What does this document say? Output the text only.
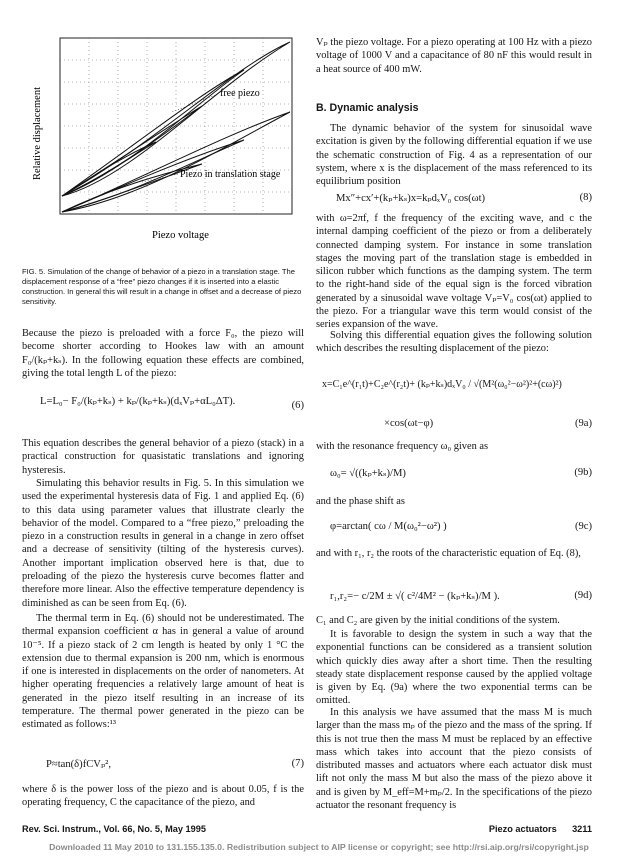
free piezo
Piezo in translation stage
Relative displacement
Piezo voltage
FIG. 5. Simulation of the change of behavior of a piezo in a translation stage. The displacement response of a “free” piezo changes if it is inserted into a elastic construction. In general this will result in a change in offset and a decrease of piezo sensitivity.

Because the piezo is preloaded with a force F₀, the piezo will become shorter according to Hookes law with an amount F₀/(kₚ+kₛ). In the following equation these effects are combined, giving the total length L of the piezo:

L=L₀− F₀/(kₚ+kₛ) + kₚ/(kₚ+kₛ)(dₓVₚ+αL₀ΔT).	(6)

This equation describes the general behavior of a piezo (stack) in a practical construction for quasistatic translations and ignoring hysteresis.

Simulating this behavior results in Fig. 5. In this simulation we used the experimental hysteresis data of Fig. 1 and applied Eq. (6) to this data using parameter values that illustrate clearly the behavior of the model. Compared to a “free piezo,” preloading the piezo in a construction results in general in a change in zero offset and a decrease of sensitivity (tilting of the hysteresis curves). Another important implication observed here is that, due to preloading of the piezo the hysteresis curve becomes flatter and therefore more linear. Also the effective temperature dependency is diminished as can be seen from Eq. (6).

The thermal term in Eq. (6) should not be underestimated. The thermal expansion coefficient α has in general a value of around 10⁻⁵. If a piezo stack of 2 cm length is heated by only 1 °C the extension due to thermal expansion is 200 nm, which is enormous if one is interested in displacements on the order of nanometers. At higher operating frequencies a relatively large amount of heat is generated in the piezo itself resulting in an increase of its temperature. The thermal power generated in the piezo can be estimated as follows:¹³

P≈tan(δ)fCVₚ²,	(7)

where δ is the power loss of the piezo and is about 0.05, f is the operating frequency, C the capacitance of the piezo, and

Vₚ the piezo voltage. For a piezo operating at 100 Hz with a piezo voltage of 1000 V and a capacitance of 80 nF this would result in a heat source of 400 mW.

B. Dynamic analysis

The dynamic behavior of the system for sinusoidal wave excitation is given by the following differential equation if we use the schematic construction of Fig. 4 as a representation of our system, where x is the displacement of the mass referenced to its equilibrium position

Mx″+cx′+(kₚ+kₛ)x=kₚdₓV₀ cos(ωt)	(8)

with ω=2πf, f the frequency of the exciting wave, and c the internal damping coefficient of the piezo or from a deliberately connected damping system. For instance in some translation stages the moving part of the translation stage is embedded in silicon rubber which functions as the damping system. The term to the right-hand side of the equal sign is the forced vibration generated by a sinusoidal wave voltage Vₚ=V₀ cos(ωt) applied to the piezo. For a triangular wave this term would consist of the series expansion of the wave.

Solving this differential equation gives the following solution which describes the resulting displacement of the piezo:

x=C₁e^(r₁t)+C₂e^(r₂t)+ (kₚ+kₛ)dₓV₀ / √(M²(ω₀²−ω²)²+(cω)²)
×cos(ωt−φ)	(9a)

with the resonance frequency ω₀ given as

ω₀= √((kₚ+kₛ)/M)	(9b)

and the phase shift as

φ=arctan( cω / M(ω₀²−ω²) )	(9c)

and with r₁, r₂ the roots of the characteristic equation of Eq. (8),

r₁,r₂=− c/2M ± √( c²/4M² − (kₚ+kₛ)/M ).	(9d)

C₁ and C₂ are given by the initial conditions of the system.

It is favorable to design the system in such a way that the exponential functions can be considered as a transient solution which quickly dies away after a short time. Then the resulting steady state displacement response caused by the applied voltage is given by Eq. (9a) where the two exponential terms can be omitted.

In this analysis we have assumed that the mass M is much larger than the mass mₚ of the piezo and the mass of the spring. If this is not true then the mass M must be replaced by an effective mass which takes into account that the piezo consists of distributed masses and actuators where each actuator disk must lift not only the mass M but also the mass of the piezo above it and is given by M_eff=M+mₚ/2. In the specifications of the piezo actuator the resonant frequency is

Rev. Sci. Instrum., Vol. 66, No. 5, May 1995	Piezo actuators 3211
Downloaded 11 May 2010 to 131.155.135.0. Redistribution subject to AIP license or copyright; see http://rsi.aip.org/rsi/copyright.jsp
